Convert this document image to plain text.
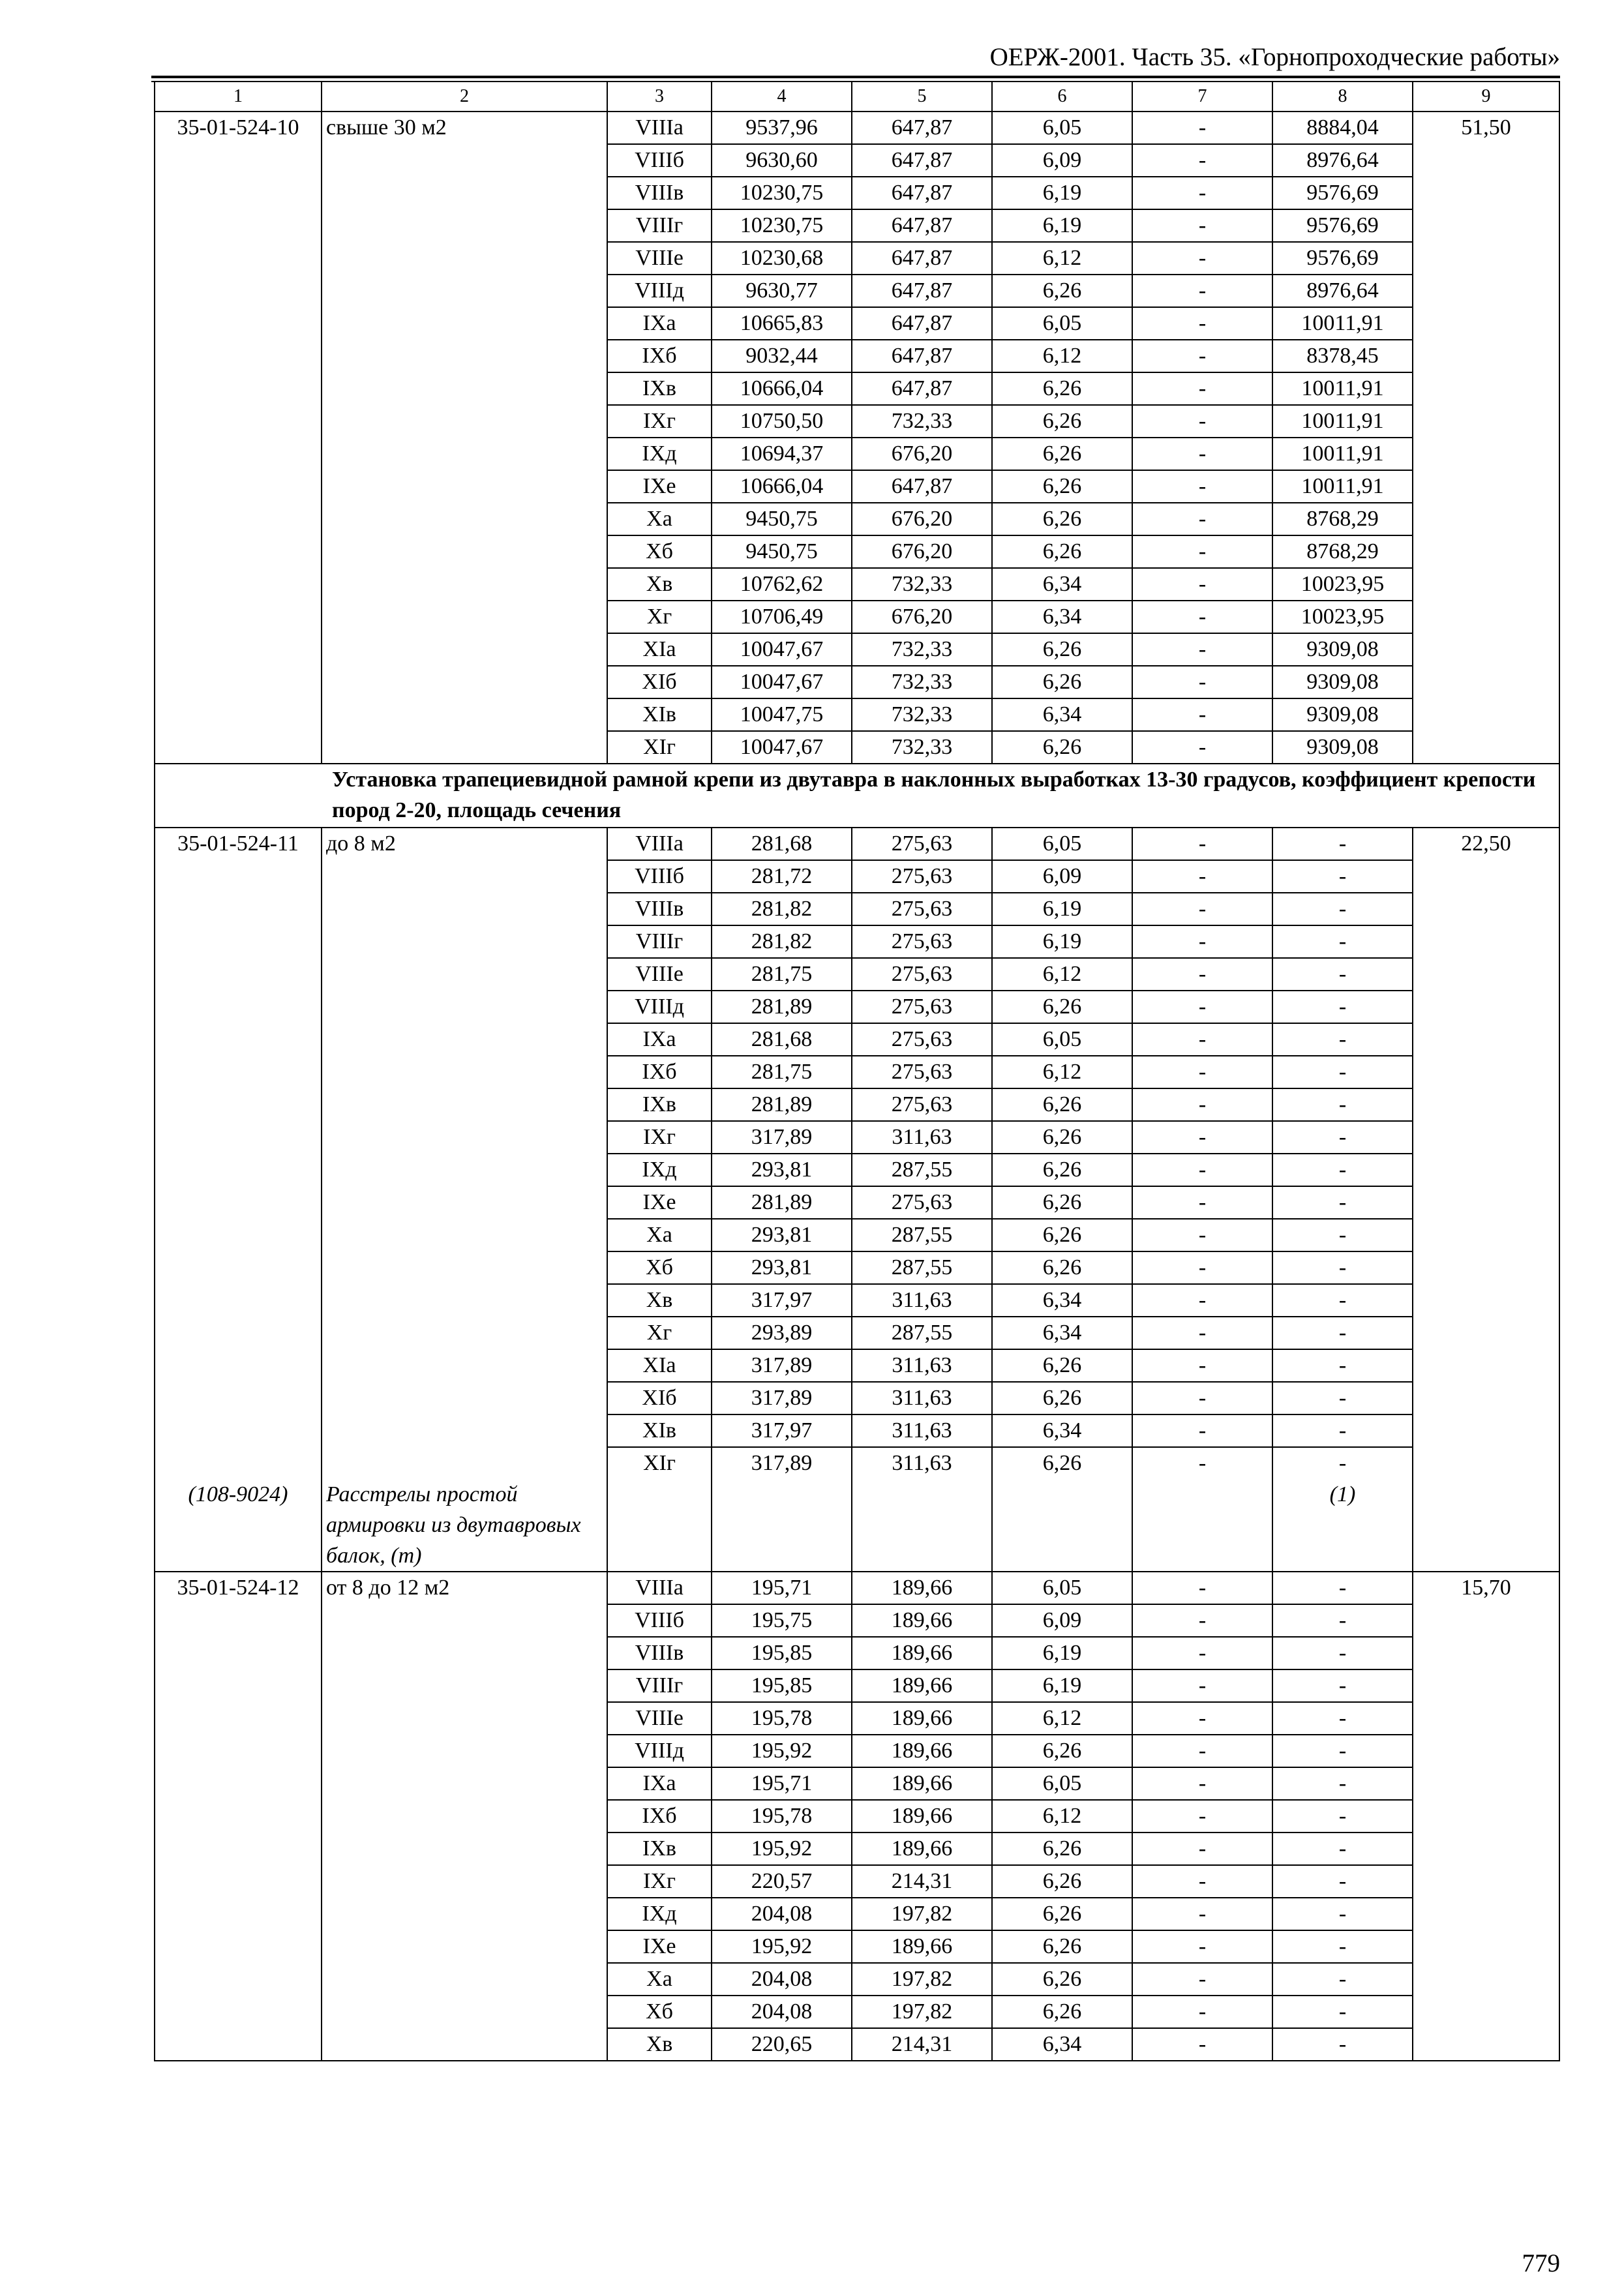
ОЕРЖ-2001. Часть 35. «Горнопроходческие работы»
1	2	3	4	5	6	7	8	9
35-01-524-10	свыше 30 м2	VIIIа	9537,96	647,87	6,05	-	8884,04	51,50
		VIIIб	9630,60	647,87	6,09	-	8976,64	
		VIIIв	10230,75	647,87	6,19	-	9576,69	
		VIIIг	10230,75	647,87	6,19	-	9576,69	
		VIIIе	10230,68	647,87	6,12	-	9576,69	
		VIIIд	9630,77	647,87	6,26	-	8976,64	
		IXа	10665,83	647,87	6,05	-	10011,91	
		IXб	9032,44	647,87	6,12	-	8378,45	
		IXв	10666,04	647,87	6,26	-	10011,91	
		IXг	10750,50	732,33	6,26	-	10011,91	
		IXд	10694,37	676,20	6,26	-	10011,91	
		IXе	10666,04	647,87	6,26	-	10011,91	
		Xа	9450,75	676,20	6,26	-	8768,29	
		Xб	9450,75	676,20	6,26	-	8768,29	
		Xв	10762,62	732,33	6,34	-	10023,95	
		Xг	10706,49	676,20	6,34	-	10023,95	
		XIа	10047,67	732,33	6,26	-	9309,08	
		XIб	10047,67	732,33	6,26	-	9309,08	
		XIв	10047,75	732,33	6,34	-	9309,08	
		XIг	10047,67	732,33	6,26	-	9309,08	
Установка трапециевидной рамной крепи из двутавра в наклонных выработках 13-30 градусов, коэффициент крепости пород 2-20, площадь сечения								
35-01-524-11	до 8 м2	VIIIа	281,68	275,63	6,05	-	-	22,50
		VIIIб	281,72	275,63	6,09	-	-	
		VIIIв	281,82	275,63	6,19	-	-	
		VIIIг	281,82	275,63	6,19	-	-	
		VIIIе	281,75	275,63	6,12	-	-	
		VIIIд	281,89	275,63	6,26	-	-	
		IXа	281,68	275,63	6,05	-	-	
		IXб	281,75	275,63	6,12	-	-	
		IXв	281,89	275,63	6,26	-	-	
		IXг	317,89	311,63	6,26	-	-	
		IXд	293,81	287,55	6,26	-	-	
		IXе	281,89	275,63	6,26	-	-	
		Xа	293,81	287,55	6,26	-	-	
		Xб	293,81	287,55	6,26	-	-	
		Xв	317,97	311,63	6,34	-	-	
		Xг	293,89	287,55	6,34	-	-	
		XIа	317,89	311,63	6,26	-	-	
		XIб	317,89	311,63	6,26	-	-	
		XIв	317,97	311,63	6,34	-	-	
		XIг	317,89	311,63	6,26	-	-	
(108-9024)	Расстрелы простой армировки из двутавровых балок, (т)						(1)	
35-01-524-12	от 8 до 12 м2	VIIIа	195,71	189,66	6,05	-	-	15,70
		VIIIб	195,75	189,66	6,09	-	-	
		VIIIв	195,85	189,66	6,19	-	-	
		VIIIг	195,85	189,66	6,19	-	-	
		VIIIе	195,78	189,66	6,12	-	-	
		VIIIд	195,92	189,66	6,26	-	-	
		IXа	195,71	189,66	6,05	-	-	
		IXб	195,78	189,66	6,12	-	-	
		IXв	195,92	189,66	6,26	-	-	
		IXг	220,57	214,31	6,26	-	-	
		IXд	204,08	197,82	6,26	-	-	
		IXе	195,92	189,66	6,26	-	-	
		Xа	204,08	197,82	6,26	-	-	
		Xб	204,08	197,82	6,26	-	-	
		Xв	220,65	214,31	6,34	-	-	
779
